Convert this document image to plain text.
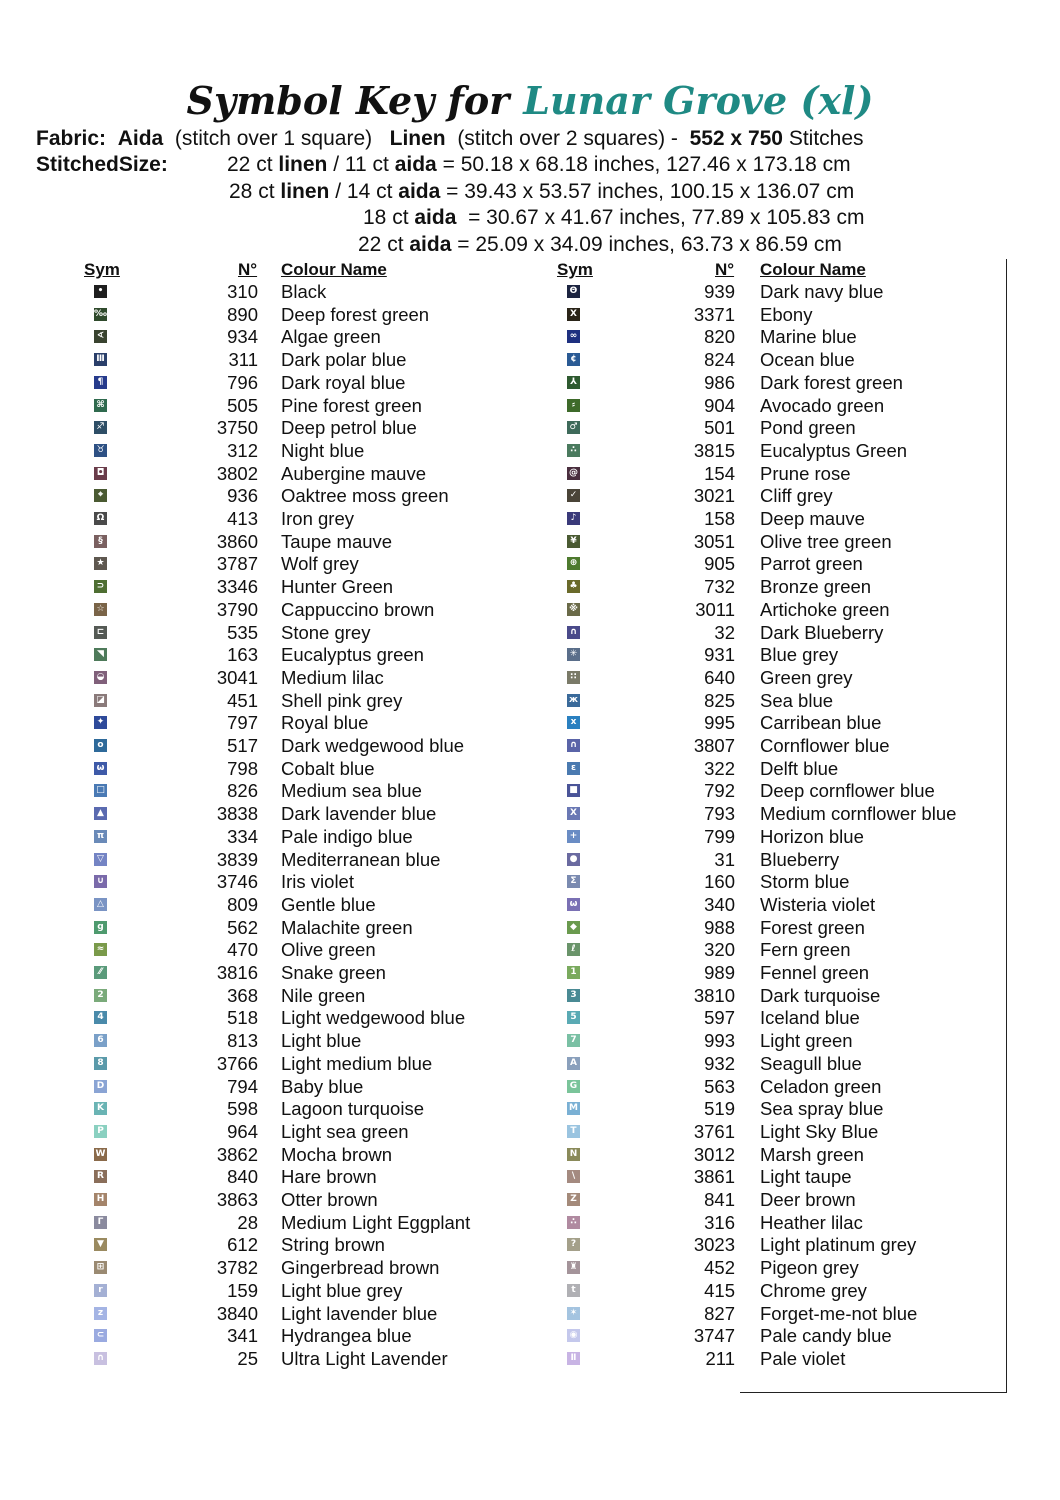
Symbol Key for Lunar Grove (xl)
Fabric: Aida (stitch over 1 square) Linen (stitch over 2 squares) - 552 x 750 Stitches
StitchedSize:	22 ct linen / 11 ct aida = 50.18 x 68.18 inches, 127.46 x 173.18 cm
28 ct linen / 14 ct aida = 39.43 x 53.57 inches, 100.15 x 136.07 cm
18 ct aida  = 30.67 x 41.67 inches, 77.89 x 105.83 cm
22 ct aida = 25.09 x 34.09 inches, 63.73 x 86.59 cm
Sym	N° Colour Name	Sym	N° Colour Name
•	310 Black
‰	890 Deep forest green
∢	934 Algae green
Ⅲ	311 Dark polar blue
¶	796 Dark royal blue
⌘	505 Pine forest green
♐	3750 Deep petrol blue
♉	312 Night blue
◘	3802 Aubergine mauve
⌖	936 Oaktree moss green
Ω	413 Iron grey
§	3860 Taupe mauve
★	3787 Wolf grey
⊃	3346 Hunter Green
☆	3790 Cappuccino brown
⊏	535 Stone grey
◥	163 Eucalyptus green
◒	3041 Medium lilac
◪	451 Shell pink grey
✦	797 Royal blue
o	517 Dark wedgewood blue
ω	798 Cobalt blue
□	826 Medium sea blue
▲	3838 Dark lavender blue
π	334 Pale indigo blue
▽	3839 Mediterranean blue
∪	3746 Iris violet
△	809 Gentle blue
g	562 Malachite green
≈	470 Olive green
⁄⁄	3816 Snake green
2	368 Nile green
4	518 Light wedgewood blue
6	813 Light blue
8	3766 Light medium blue
D	794 Baby blue
K	598 Lagoon turquoise
P	964 Light sea green
W	3862 Mocha brown
R	840 Hare brown
H	3863 Otter brown
Γ	28 Medium Light Eggplant
▼	612 String brown
⊞	3782 Gingerbread brown
r	159 Light blue grey
z	3840 Light lavender blue
⊂	341 Hydrangea blue
∩	25 Ultra Light Lavender
Θ	939 Dark navy blue
X	3371 Ebony
∞	820 Marine blue
¢	824 Ocean blue
⅄	986 Dark forest green
⸗	904 Avocado green
♂	501 Pond green
∴	3815 Eucalyptus Green
@	154 Prune rose
✓	3021 Cliff grey
♪	158 Deep mauve
¥	3051 Olive tree green
⊕	905 Parrot green
♣	732 Bronze green
※	3011 Artichoke green
∩	32 Dark Blueberry
✳	931 Blue grey
∷	640 Green grey
ж	825 Sea blue
x	995 Carribean blue
∩	3807 Cornflower blue
ε	322 Delft blue
■	792 Deep cornflower blue
X	793 Medium cornflower blue
+	799 Horizon blue
●	31 Blueberry
Σ	160 Storm blue
ω	340 Wisteria violet
◆	988 Forest green
ℓ	320 Fern green
1	989 Fennel green
3	3810 Dark turquoise
5	597 Iceland blue
7	993 Light green
A	932 Seagull blue
G	563 Celadon green
M	519 Sea spray blue
T	3761 Light Sky Blue
N	3012 Marsh green
\	3861 Light taupe
Z	841 Deer brown
∴	316 Heather lilac
?	3023 Light platinum grey
♜	452 Pigeon grey
t	415 Chrome grey
✶	827 Forget-me-not blue
◉	3747 Pale candy blue
Ⅱ	211 Pale violet
